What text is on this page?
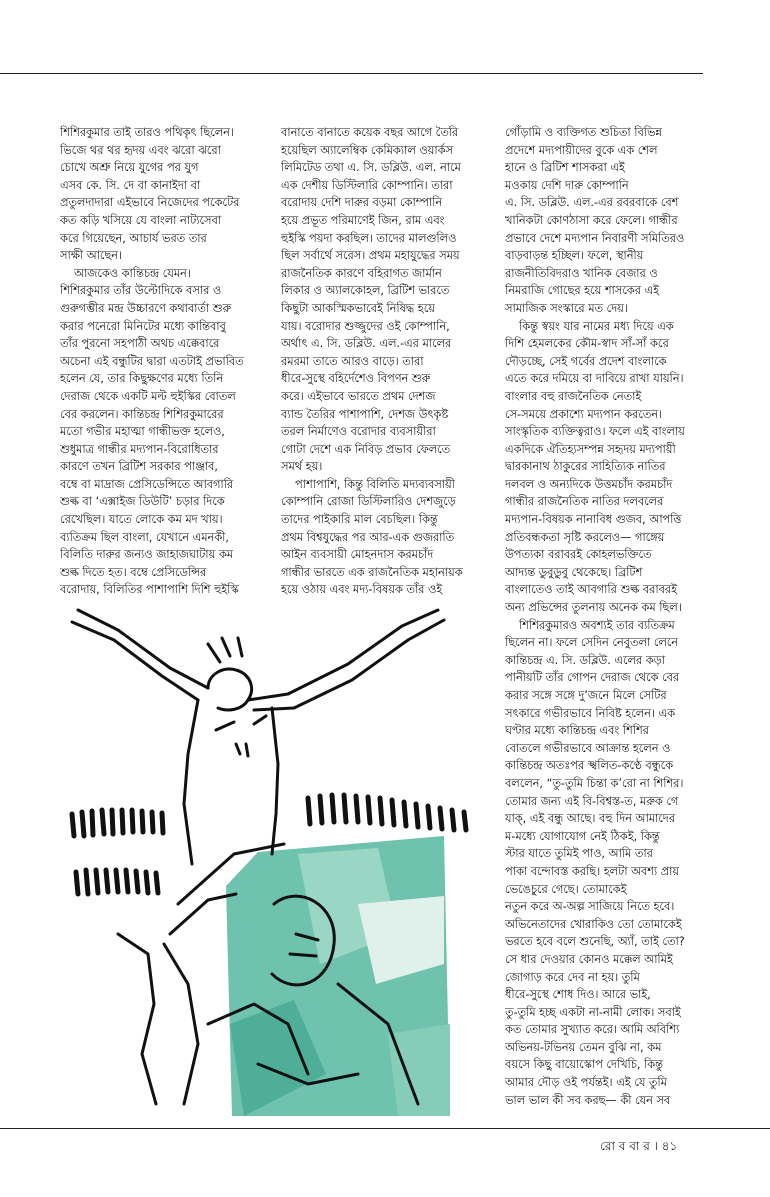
শিশিরকুমার তাই তারও পথিকৃৎ ছিলেন।
ভিজে থর থর হৃদয় এবং ঝরো ঝরো
চোখে অশ্রু নিয়ে যুগের পর যুগ
এসব কে. সি. দে বা কানাইদা বা
প্রতুলদাদারা এইভাবে নিজেদের পকেটের
কত কড়ি খসিয়ে যে বাংলা নাট্যসেবা
করে গিয়েছেন, আচার্য ভরত তার
সাক্ষী আছেন।
আজকেও কান্তিচন্দ্র যেমন।
শিশিরকুমার তাঁর উল্টোদিকে বসার ও
গুরুগম্ভীর মন্দ্র উচ্চারণে কথাবার্তা শুরু
করার পনেরো মিনিটের মধ্যে কান্তিবাবু
তাঁর পুরনো সহপাঠী অথচ এক্কেবারে
অচেনা এই বন্ধুটির দ্বারা এতটাই প্রভাবিত
হলেন যে, তার কিছুক্ষণের মধ্যে তিনি
দেরাজ থেকে একটি মল্ট হুইস্কির বোতল
বের করলেন। কান্তিচন্দ্র শিশিরকুমারের
মতো গভীর মহাত্মা গান্ধীভক্ত হলেও,
শুধুমাত্র গান্ধীর মদ্যপান-বিরোধিতার
কারণে তখন ব্রিটিশ সরকার পাঞ্জাব,
বম্বে বা মাদ্রাজ প্রেসিডেন্সিতে আবগারি
শুল্ক বা ‘এক্সাইজ ডিউটি’ চড়ার দিকে
রেখেছিল। যাতে লোকে কম মদ খায়।
ব্যতিক্রম ছিল বাংলা, যেখানে এমনকী,
বিলিতি দারুর জন্যও জাহাজঘাটায় কম
শুল্ক দিতে হত। বম্বে প্রেসিডেন্সির
বরোদায়, বিলিতির পাশাপাশি দিশি হুইস্কি
বানাতে বানাতে কয়েক বছর আগে তৈরি
হয়েছিল অ্যালেম্বিক কেমিক্যাল ওয়ার্কস
লিমিটেড তথা এ. সি. ডব্লিউ. এল. নামে
এক দেশীয় ডিস্টিলারি কোম্পানি। তারা
বরোদায় দেশি দারুর বড়মা কোম্পানি
হয়ে প্রভূত পরিমাণেই জিন, রাম এবং
হুইস্কি পয়দা করছিল। তাদের মালগুলিও
ছিল সর্বার্থে সরেস। প্রথম মহাযুদ্ধের সময়
রাজনৈতিক কারণে বহিরাগত জার্মান
লিকার ও অ্যালকোহল, ব্রিটিশ ভারতে
কিছুটা আকস্মিকভাবেই নিষিদ্ধ হয়ে
যায়। বরোদার শুজ্জুদের ওই কোম্পানি,
অর্থাৎ এ. সি. ডব্লিউ. এল.-এর মালের
রমরমা তাতে আরও বাড়ে। তারা
ধীরে-সুস্থে বহির্দেশেও বিপণন শুরু
করে। এইভাবে ভারতে প্রথম দেশজ
ব্যান্ড তৈরির পাশাপাশি, দেশজ উৎকৃষ্ট
তরল নির্মাণেও বরোদার ব্যবসায়ীরা
গোটা দেশে এক নিবিড় প্রভাব ফেলতে
সমর্থ হয়।
পাশাপাশি, কিন্তু বিলিতি মদ্যব্যবসায়ী
কোম্পানি রোজা ডিস্টিলারিও দেশজুড়ে
তাদের পাইকারি মাল বেচছিল। কিন্তু
প্রথম বিশ্বযুদ্ধের পর আর-এক গুজরাতি
আইন ব্যবসায়ী মোহনদাস করমচাঁদ
গান্ধীর ভারতে এক রাজনৈতিক মহানায়ক
হয়ে ওঠায় এবং মদ্য-বিষয়ক তাঁর ওই
গোঁড়ামি ও ব্যক্তিগত শুচিতা বিভিন্ন
প্রদেশে মদ্যপায়ীদের বুকে এক শেল
হানে ও ব্রিটিশ শাসকরা এই
মওকায় দেশি দারু কোম্পানি
এ. সি. ডব্লিউ. এল.-এর রবরবাকে বেশ
খানিকটা কোণঠাসা করে ফেলে। গান্ধীর
প্রভাবে দেশে মদ্যপান নিবারণী সমিতিরও
বাড়বাড়ন্ত হচ্ছিল। ফলে, স্থানীয়
রাজনীতিবিদরাও খানিক বেজার ও
নিমরাজি গোছের হয়ে শাসকের এই
সামাজিক সংস্কারে মত দেয়।
কিন্তু স্বয়ং যার নামের মধ্য দিয়ে এক
দিশি হেমলকের কৌম-স্বাদ সাঁ-সাঁ করে
দৌড়চ্ছে, সেই গর্বের প্রদেশ বাংলাকে
এতে করে দমিয়ে বা দাবিয়ে রাখা যায়নি।
বাংলার বহু রাজনৈতিক নেতাই
সে-সময়ে প্রকাশ্যে মদ্যপান করতেন।
সাংস্কৃতিক ব্যক্তিত্বরাও। ফলে এই বাংলায়
একদিকে ঐতিহ্যসম্পন্ন সহৃদয় মদ্যপায়ী
দ্বারকানাথ ঠাকুরের সাহিত্যিক নাতির
দলবল ও অন্যদিকে উত্তমচাঁদ করমচাঁদ
গান্ধীর রাজনৈতিক নাতির দলবলের
মদ্যপান-বিষয়ক নানাবিধ গুজব, আপত্তি
প্রতিবন্ধকতা সৃষ্টি করলেও— গাঙ্গেয়
উপত্যকা বরাবরই কোহলভক্তিতে
আদ্যন্ত ডুবুডুবু থেকেছে। ব্রিটিশ
বাংলাতেও তাই আবগারি শুল্ক বরাবরই
অন্য প্রভিন্সের তুলনায় অনেক কম ছিল।
শিশিরকুমারও অবশ্যই তার ব্যতিক্রম
ছিলেন না। ফলে সেদিন নেবুতলা লেনে
কান্তিচন্দ্র এ. সি. ডব্লিউ. এলের কড়া
পানীয়টি তাঁর গোপন দেরাজ থেকে বের
করার সঙ্গে সঙ্গে দু’জনে মিলে সেটির
সৎকারে গভীরভাবে নিবিষ্ট হলেন। এক
ঘণ্টার মধ্যে কান্তিচন্দ্র এবং শিশির
বোতলে গভীরভাবে আক্রান্ত হলেন ও
কান্তিচন্দ্র অতঃপর স্খলিত-কণ্ঠে বন্ধুকে
বললেন, “তু-তুমি চিন্তা ক’রো না শিশির।
তোমার জন্য এই বি-বিশ্বস্ত-ত, মরুক গে
যাক্‌, এই বন্ধু আছে। বহু দিন আমাদের
ম-মধ্যে যোগাযোগ নেই ঠিকই, কিন্তু
স্টার যাতে তুমিই পাও, আমি তার
পাকা বন্দোবস্ত করছি। হলটা অবশ্য প্রায়
ভেঙেচুরে গেছে। তোমাকেই
নতুন করে অ-অল্প সাজিয়ে নিতে হবে।
অভিনেতাদের খোরাকিও তো তোমাকেই
ভরতে হবে বলে শুনেছি, অ্যাঁ, তাই তো?
সে ধার দেওয়ার কোনও মক্কেল আমিই
জোগাড় করে দেব না হয়। তুমি
ধীরে-সুস্থে শোধ দিও। আরে ভাই,
তু-তুমি হচ্ছ একটা না-নামী লোক। সবাই
কত তোমার সুখ্যাত করে। আমি অবিশ্যি
অভিনয়-টভিনয় তেমন বুঝি না, কম
বয়সে কিছু বায়োস্কোপ দেখিচি, কিন্তু
আমার দৌড় ওই পর্যন্তই। এই যে তুমি
ভাল ভাল কী সব করছ— কী যেন সব
রো ব বা র । ৪১
